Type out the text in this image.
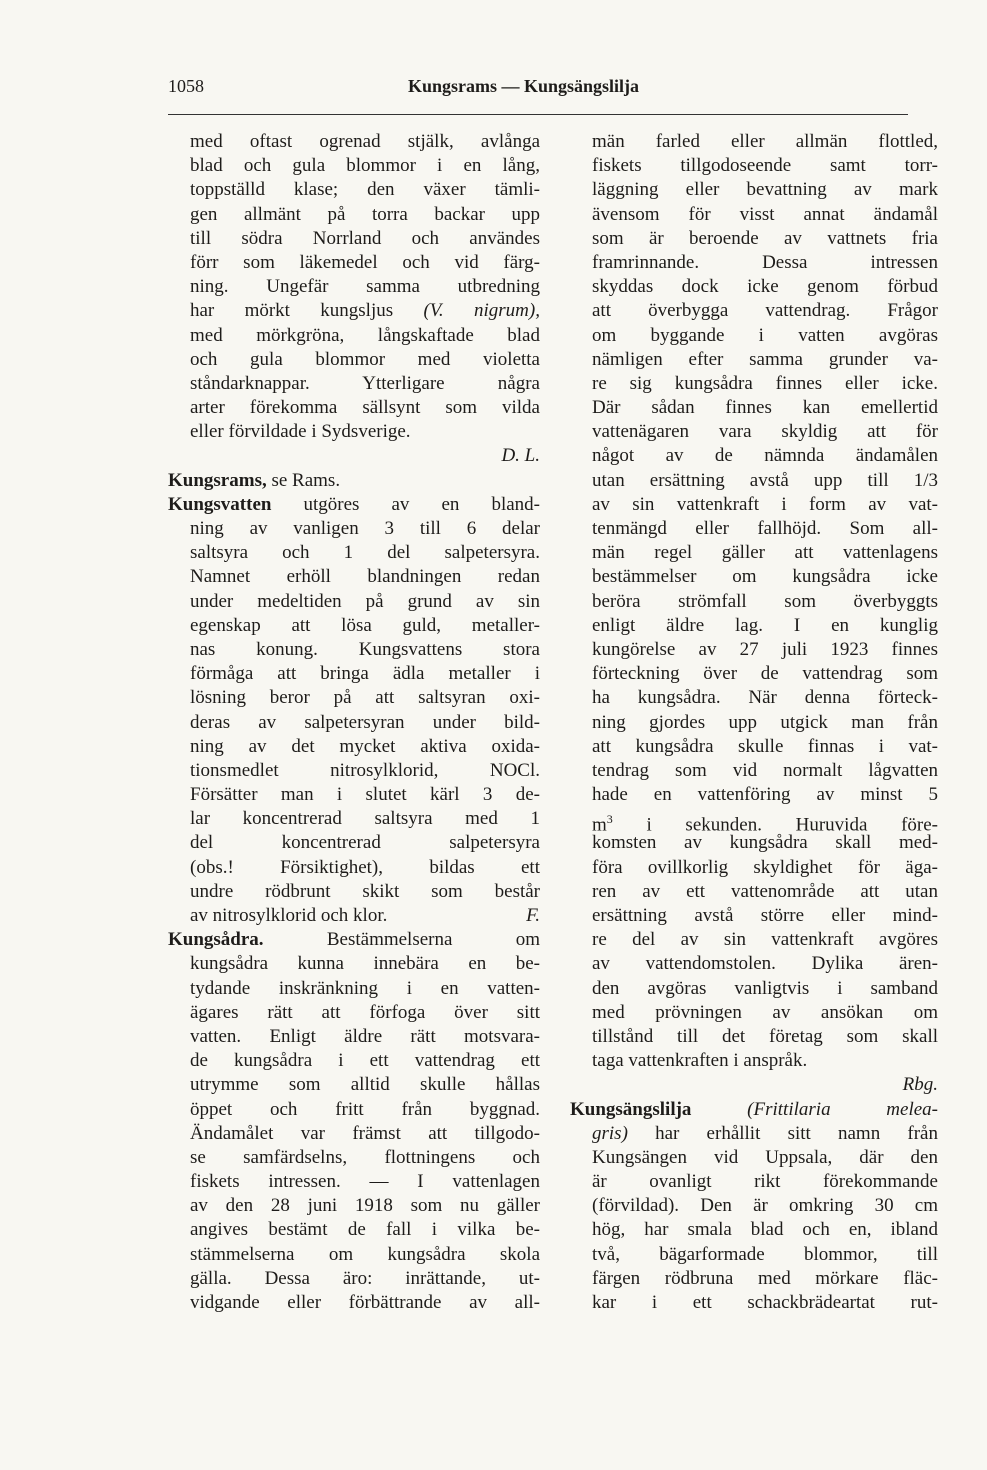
1058	Kungsrams — Kungsängslilja
med oftast ogrenad stjälk, avlånga
blad och gula blommor i en lång,
toppställd klase; den växer tämli-
gen allmänt på torra backar upp
till södra Norrland och användes
förr som läkemedel och vid färg-
ning. Ungefär samma utbredning
har mörkt kungsljus (V. nigrum),
med mörkgröna, långskaftade blad
och gula blommor med violetta
ståndarknappar. Ytterligare några
arter förekomma sällsynt som vilda
eller förvildade i Sydsverige.
D. L.
Kungsrams, se Rams.
Kungsvatten utgöres av en bland-
ning av vanligen 3 till 6 delar
saltsyra och 1 del salpetersyra.
Namnet erhöll blandningen redan
under medeltiden på grund av sin
egenskap att lösa guld, metaller-
nas konung. Kungsvattens stora
förmåga att bringa ädla metaller i
lösning beror på att saltsyran oxi-
deras av salpetersyran under bild-
ning av det mycket aktiva oxida-
tionsmedlet nitrosylklorid, NOCl.
Försätter man i slutet kärl 3 de-
lar koncentrerad saltsyra med 1
del koncentrerad salpetersyra
(obs.! Försiktighet), bildas ett
undre rödbrunt skikt som består
av nitrosylklorid och klor.	F.
Kungsådra. Bestämmelserna om
kungsådra kunna innebära en be-
tydande inskränkning i en vatten-
ägares rätt att förfoga över sitt
vatten. Enligt äldre rätt motsvara-
de kungsådra i ett vattendrag ett
utrymme som alltid skulle hållas
öppet och fritt från byggnad.
Ändamålet var främst att tillgodo-
se samfärdselns, flottningens och
fiskets intressen. — I vattenlagen
av den 28 juni 1918 som nu gäller
angives bestämt de fall i vilka be-
stämmelserna om kungsådra skola
gälla. Dessa äro: inrättande, ut-
vidgande eller förbättrande av all-
män farled eller allmän flottled,
fiskets tillgodoseende samt torr-
läggning eller bevattning av mark
ävensom för visst annat ändamål
som är beroende av vattnets fria
framrinnande. Dessa intressen
skyddas dock icke genom förbud
att överbygga vattendrag. Frågor
om byggande i vatten avgöras
nämligen efter samma grunder va-
re sig kungsådra finnes eller icke.
Där sådan finnes kan emellertid
vattenägaren vara skyldig att för
något av de nämnda ändamålen
utan ersättning avstå upp till 1/3
av sin vattenkraft i form av vat-
tenmängd eller fallhöjd. Som all-
män regel gäller att vattenlagens
bestämmelser om kungsådra icke
beröra strömfall som överbyggts
enligt äldre lag. I en kunglig
kungörelse av 27 juli 1923 finnes
förteckning över de vattendrag som
ha kungsådra. När denna förteck-
ning gjordes upp utgick man från
att kungsådra skulle finnas i vat-
tendrag som vid normalt lågvatten
hade en vattenföring av minst 5
$m^3$ i sekunden. Huruvida före-
komsten av kungsådra skall med-
föra ovillkorlig skyldighet för äga-
ren av ett vattenområde att utan
ersättning avstå större eller mind-
re del av sin vattenkraft avgöres
av vattendomstolen. Dylika ären-
den avgöras vanligtvis i samband
med prövningen av ansökan om
tillstånd till det företag som skall
taga vattenkraften i anspråk.
Rbg.
Kungsängslilja (Frittilaria melea-
gris) har erhållit sitt namn från
Kungsängen vid Uppsala, där den
är ovanligt rikt förekommande
(förvildad). Den är omkring 30 cm
hög, har smala blad och en, ibland
två, bägarformade blommor, till
färgen rödbruna med mörkare fläc-
kar i ett schackbrädeartat rut-
